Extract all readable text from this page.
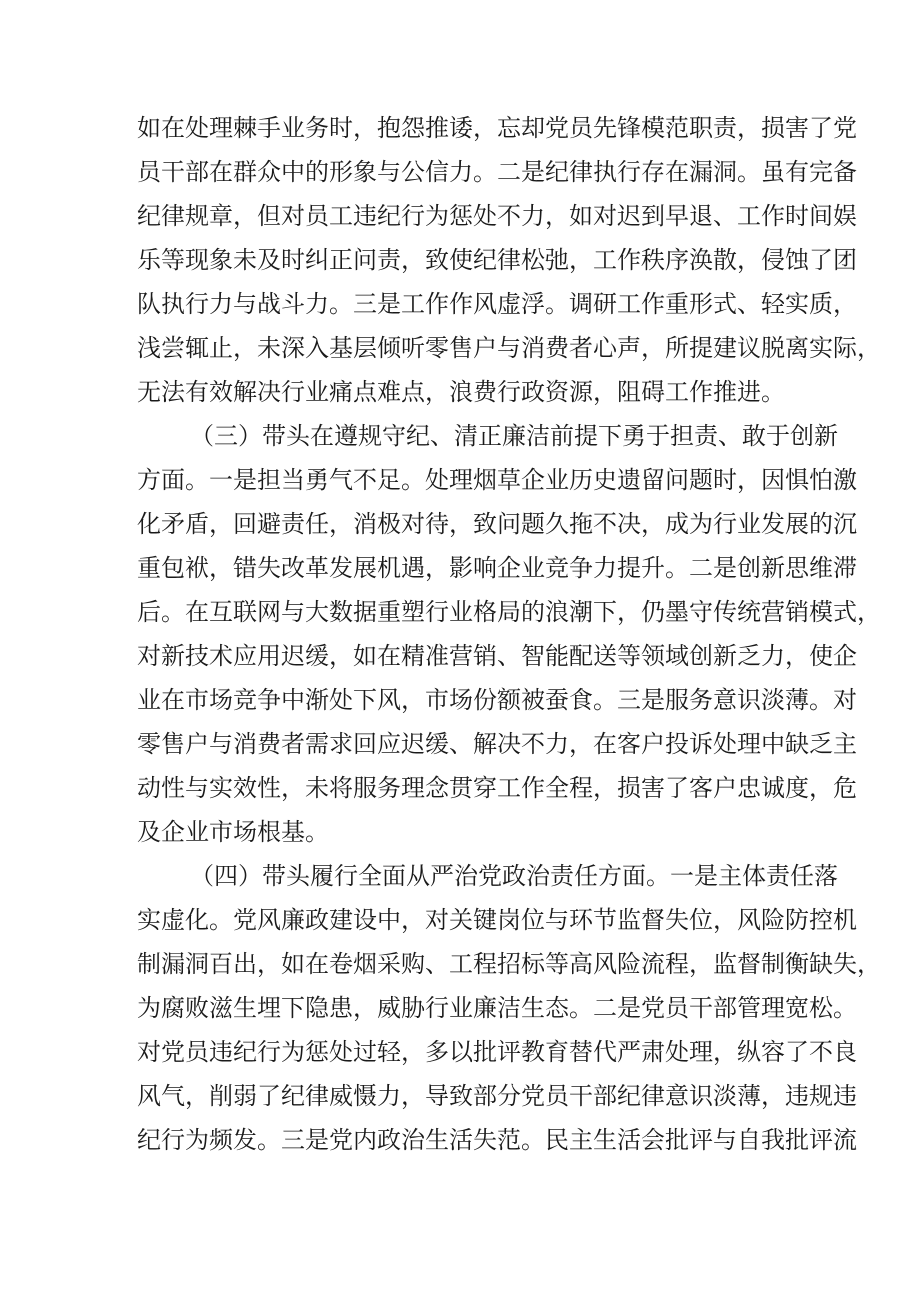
如在处理棘手业务时，抱怨推诿，忘却党员先锋模范职责，损害了党
员干部在群众中的形象与公信力。二是纪律执行存在漏洞。虽有完备
纪律规章，但对员工违纪行为惩处不力，如对迟到早退、工作时间娱
乐等现象未及时纠正问责，致使纪律松弛，工作秩序涣散，侵蚀了团
队执行力与战斗力。三是工作作风虚浮。调研工作重形式、轻实质，
浅尝辄止，未深入基层倾听零售户与消费者心声，所提建议脱离实际，
无法有效解决行业痛点难点，浪费行政资源，阻碍工作推进。
（三）带头在遵规守纪、清正廉洁前提下勇于担责、敢于创新
方面。一是担当勇气不足。处理烟草企业历史遗留问题时，因惧怕激
化矛盾，回避责任，消极对待，致问题久拖不决，成为行业发展的沉
重包袱，错失改革发展机遇，影响企业竞争力提升。二是创新思维滞
后。在互联网与大数据重塑行业格局的浪潮下，仍墨守传统营销模式，
对新技术应用迟缓，如在精准营销、智能配送等领域创新乏力，使企
业在市场竞争中渐处下风，市场份额被蚕食。三是服务意识淡薄。对
零售户与消费者需求回应迟缓、解决不力，在客户投诉处理中缺乏主
动性与实效性，未将服务理念贯穿工作全程，损害了客户忠诚度，危
及企业市场根基。
（四）带头履行全面从严治党政治责任方面。一是主体责任落
实虚化。党风廉政建设中，对关键岗位与环节监督失位，风险防控机
制漏洞百出，如在卷烟采购、工程招标等高风险流程，监督制衡缺失，
为腐败滋生埋下隐患，威胁行业廉洁生态。二是党员干部管理宽松。
对党员违纪行为惩处过轻，多以批评教育替代严肃处理，纵容了不良
风气，削弱了纪律威慑力，导致部分党员干部纪律意识淡薄，违规违
纪行为频发。三是党内政治生活失范。民主生活会批评与自我批评流
